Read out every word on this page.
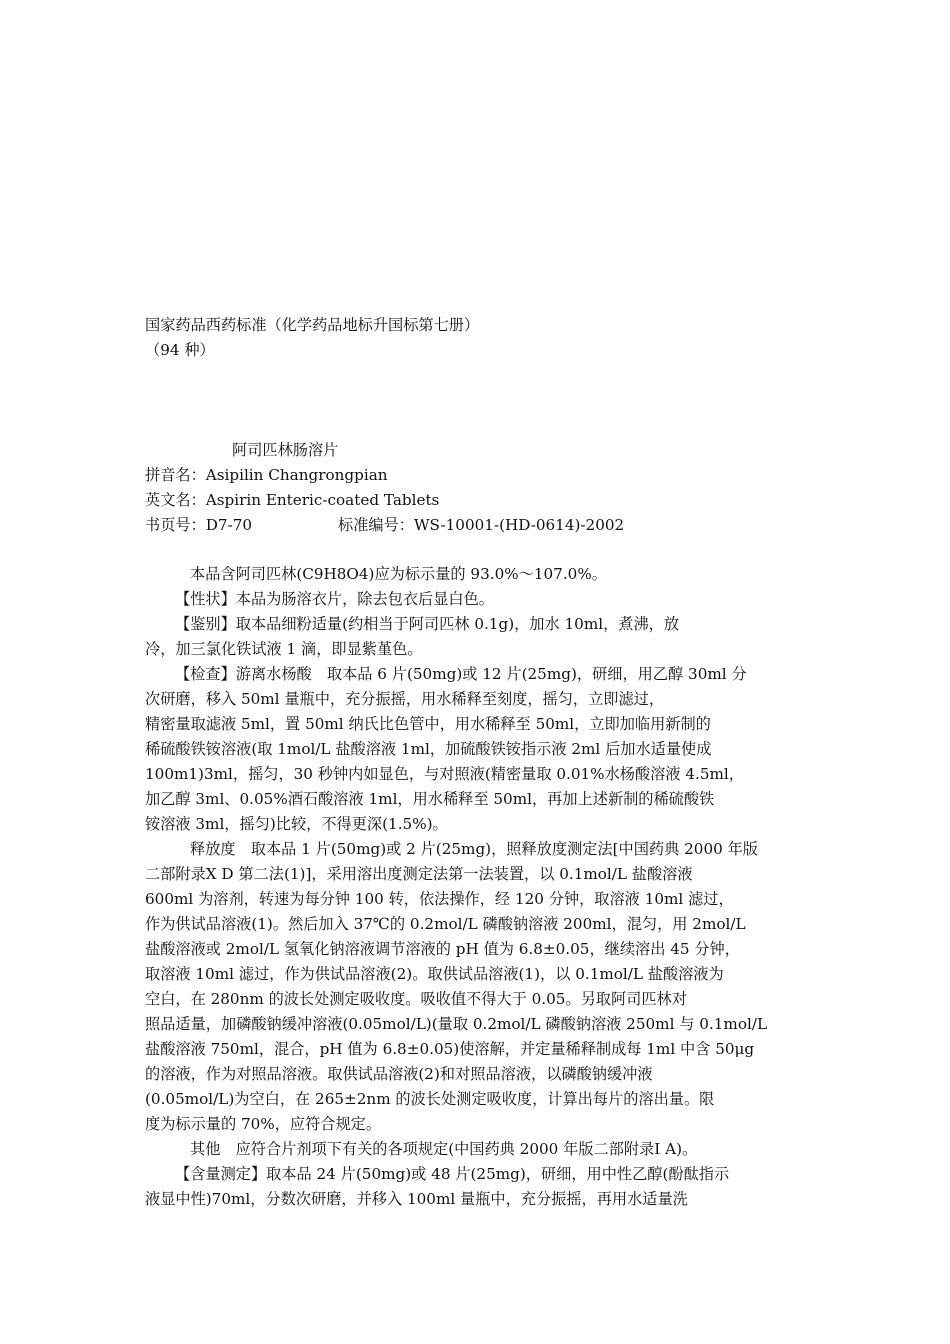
国家药品西药标准（化学药品地标升国标第七册）
（94 种）
阿司匹林肠溶片
拼音名：Asipilin Changrongpian
英文名：Aspirin Enteric-coated Tablets
书页号：D7-70	标准编号：WS-10001-(HD-0614)-2002
本品含阿司匹林(C9H8O4)应为标示量的 93.0%～107.0%。
【性状】本品为肠溶衣片，除去包衣后显白色。
【鉴别】取本品细粉适量(约相当于阿司匹林 0.1g)，加水 10ml，煮沸，放
冷，加三氯化铁试液 1 滴，即显紫堇色。
【检查】游离水杨酸　取本品 6 片(50mg)或 12 片(25mg)，研细，用乙醇 30ml 分
次研磨，移入 50ml 量瓶中，充分振摇，用水稀释至刻度，摇匀，立即滤过，
精密量取滤液 5ml，置 50ml 纳氏比色管中，用水稀释至 50ml，立即加临用新制的
稀硫酸铁铵溶液(取 1mol/L 盐酸溶液 1ml，加硫酸铁铵指示液 2ml 后加水适量使成
100m1)3ml，摇匀，30 秒钟内如显色，与对照液(精密量取 0.01%水杨酸溶液 4.5ml，
加乙醇 3ml、0.05%酒石酸溶液 1ml，用水稀释至 50ml，再加上述新制的稀硫酸铁
铵溶液 3ml，摇匀)比较，不得更深(1.5%)。
释放度　取本品 1 片(50mg)或 2 片(25mg)，照释放度测定法[中国药典 2000 年版
二部附录Ⅹ D 第二法(1)]，采用溶出度测定法第一法装置，以 0.1mol/L 盐酸溶液
600ml 为溶剂，转速为每分钟 100 转，依法操作，经 120 分钟，取溶液 10ml 滤过，
作为供试品溶液(1)。然后加入 37℃的 0.2mol/L 磷酸钠溶液 200ml，混匀，用 2mol/L
盐酸溶液或 2mol/L 氢氧化钠溶液调节溶液的 pH 值为 6.8±0.05，继续溶出 45 分钟，
取溶液 10ml 滤过，作为供试品溶液(2)。取供试品溶液(1)，以 0.1mol/L 盐酸溶液为
空白，在 280nm 的波长处测定吸收度。吸收值不得大于 0.05。另取阿司匹林对
照品适量，加磷酸钠缓冲溶液(0.05mol/L)(量取 0.2mol/L 磷酸钠溶液 250ml 与 0.1mol/L
盐酸溶液 750ml，混合，pH 值为 6.8±0.05)使溶解，并定量稀释制成每 1ml 中含 50μg
的溶液，作为对照品溶液。取供试品溶液(2)和对照品溶液，以磷酸钠缓冲液
(0.05mol/L)为空白，在 265±2nm 的波长处测定吸收度，计算出每片的溶出量。限
度为标示量的 70%，应符合规定。
其他　应符合片剂项下有关的各项规定(中国药典 2000 年版二部附录Ⅰ A)。
【含量测定】取本品 24 片(50mg)或 48 片(25mg)，研细，用中性乙醇(酚酞指示
液显中性)70ml，分数次研磨，并移入 100ml 量瓶中，充分振摇，再用水适量洗
